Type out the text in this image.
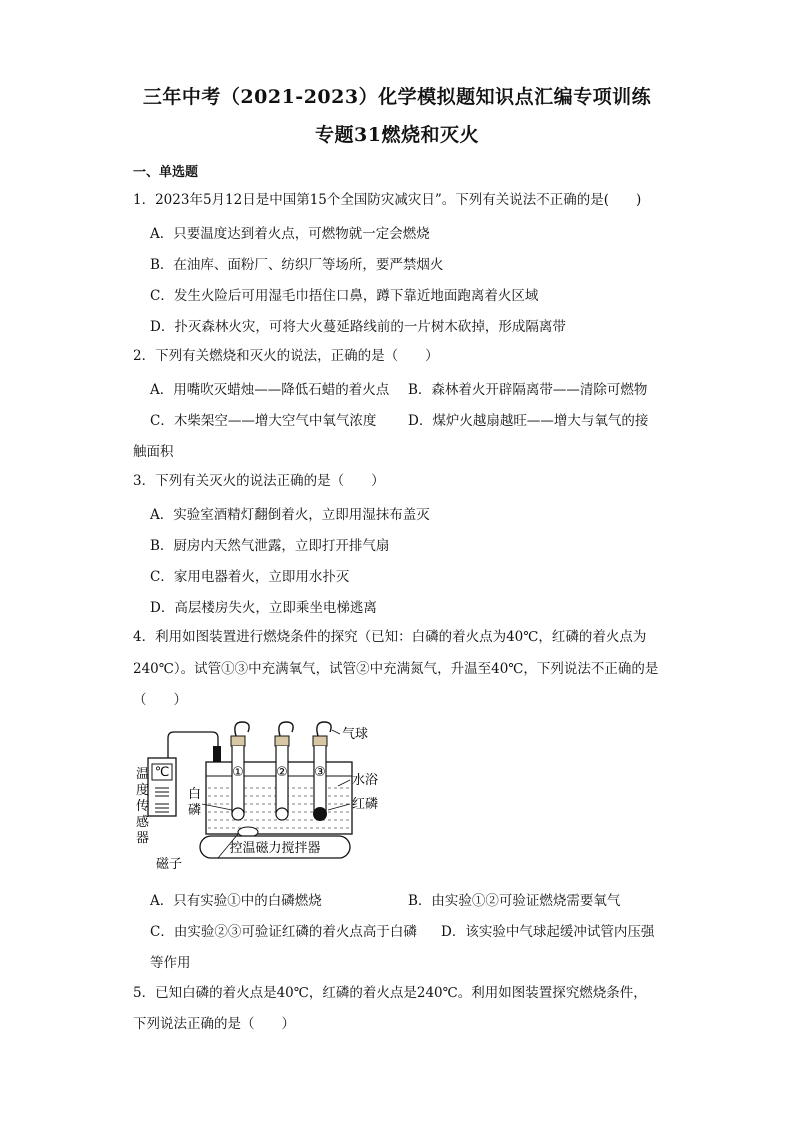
三年中考（2021-2023）化学模拟题知识点汇编专项训练
专题31燃烧和灭火
一、单选题
1．2023年5月12日是中国第15个全国防灾减灾日”。下列有关说法不正确的是(　　)
A．只要温度达到着火点，可燃物就一定会燃烧
B．在油库、面粉厂、纺织厂等场所，要严禁烟火
C．发生火险后可用湿毛巾捂住口鼻，蹲下靠近地面跑离着火区域
D．扑灭森林火灾，可将大火蔓延路线前的一片树木砍掉，形成隔离带
2．下列有关燃烧和灭火的说法，正确的是（　　）
A．用嘴吹灭蜡烛——降低石蜡的着火点 B．森林着火开辟隔离带——清除可燃物
C．木柴架空——增大空气中氧气浓度 D．煤炉火越扇越旺——增大与氧气的接
触面积
3．下列有关灭火的说法正确的是（　　）
A．实验室酒精灯翻倒着火，立即用湿抹布盖灭
B．厨房内天然气泄露，立即打开排气扇
C．家用电器着火，立即用水扑灭
D．高层楼房失火，立即乘坐电梯逃离
4．利用如图装置进行燃烧条件的探究（已知：白磷的着火点为40℃，红磷的着火点为
240℃）。试管①③中充满氧气，试管②中充满氮气，升温至40℃，下列说法不正确的是
（　　）
℃
温
度
传
感
器
① ② ③
控温磁力搅拌器
气球
水浴
红磷
白
磷
磁子
A．只有实验①中的白磷燃烧	B．由实验①②可验证燃烧需要氧气
C．由实验②③可验证红磷的着火点高于白磷 D．该实验中气球起缓冲试管内压强
等作用
5．已知白磷的着火点是40℃，红磷的着火点是240℃。利用如图装置探究燃烧条件，
下列说法正确的是（　　）
